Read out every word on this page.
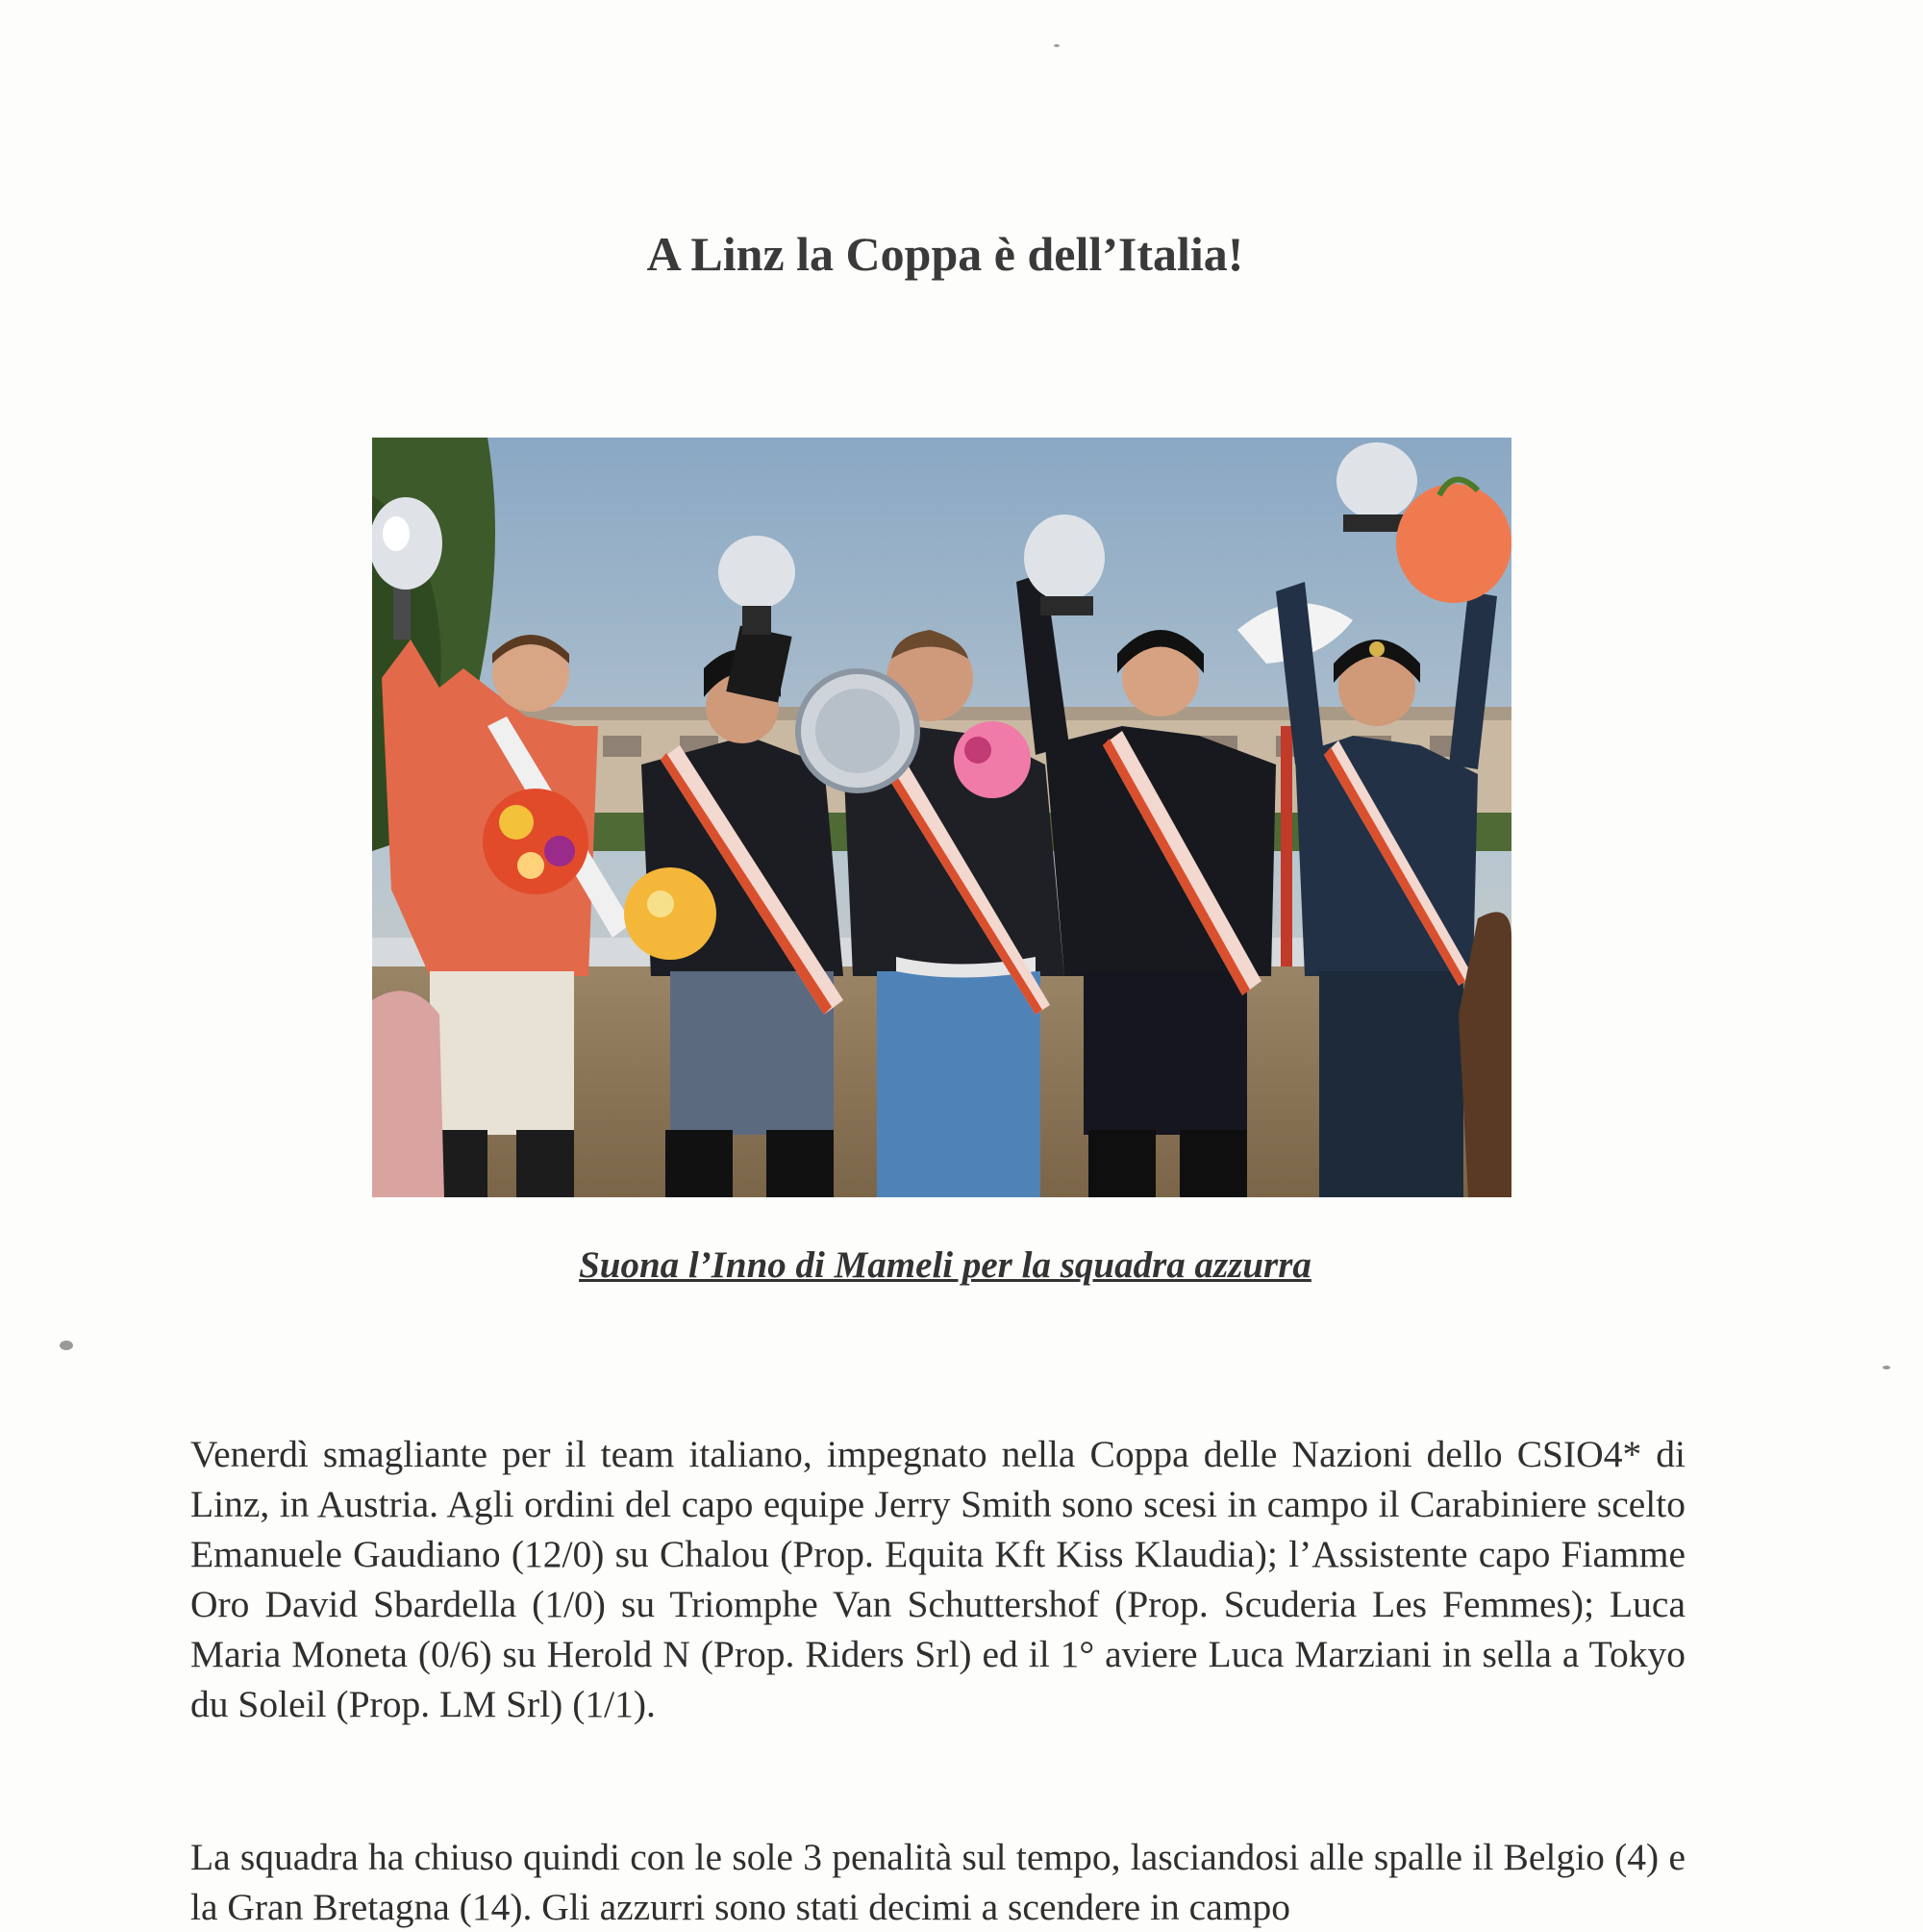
A Linz la Coppa è dell’Italia!

Suona l’Inno di Mameli per la squadra azzurra

Venerdì smagliante per il team italiano, impegnato nella Coppa delle Nazioni dello CSIO4* di Linz, in Austria. Agli ordini del capo equipe Jerry Smith sono scesi in campo il Carabiniere scelto Emanuele Gaudiano (12/0) su Chalou (Prop. Equita Kft Kiss Klaudia); l’Assistente capo Fiamme Oro David Sbardella (1/0) su Triomphe Van Schuttershof (Prop. Scuderia Les Femmes); Luca Maria Moneta (0/6) su Herold N (Prop. Riders Srl) ed il 1° aviere Luca Marziani in sella a Tokyo du Soleil (Prop. LM Srl) (1/1).

La squadra ha chiuso quindi con le sole 3 penalità sul tempo, lasciandosi alle spalle il Belgio (4) e la Gran Bretagna (14). Gli azzurri sono stati decimi a scendere in campo
